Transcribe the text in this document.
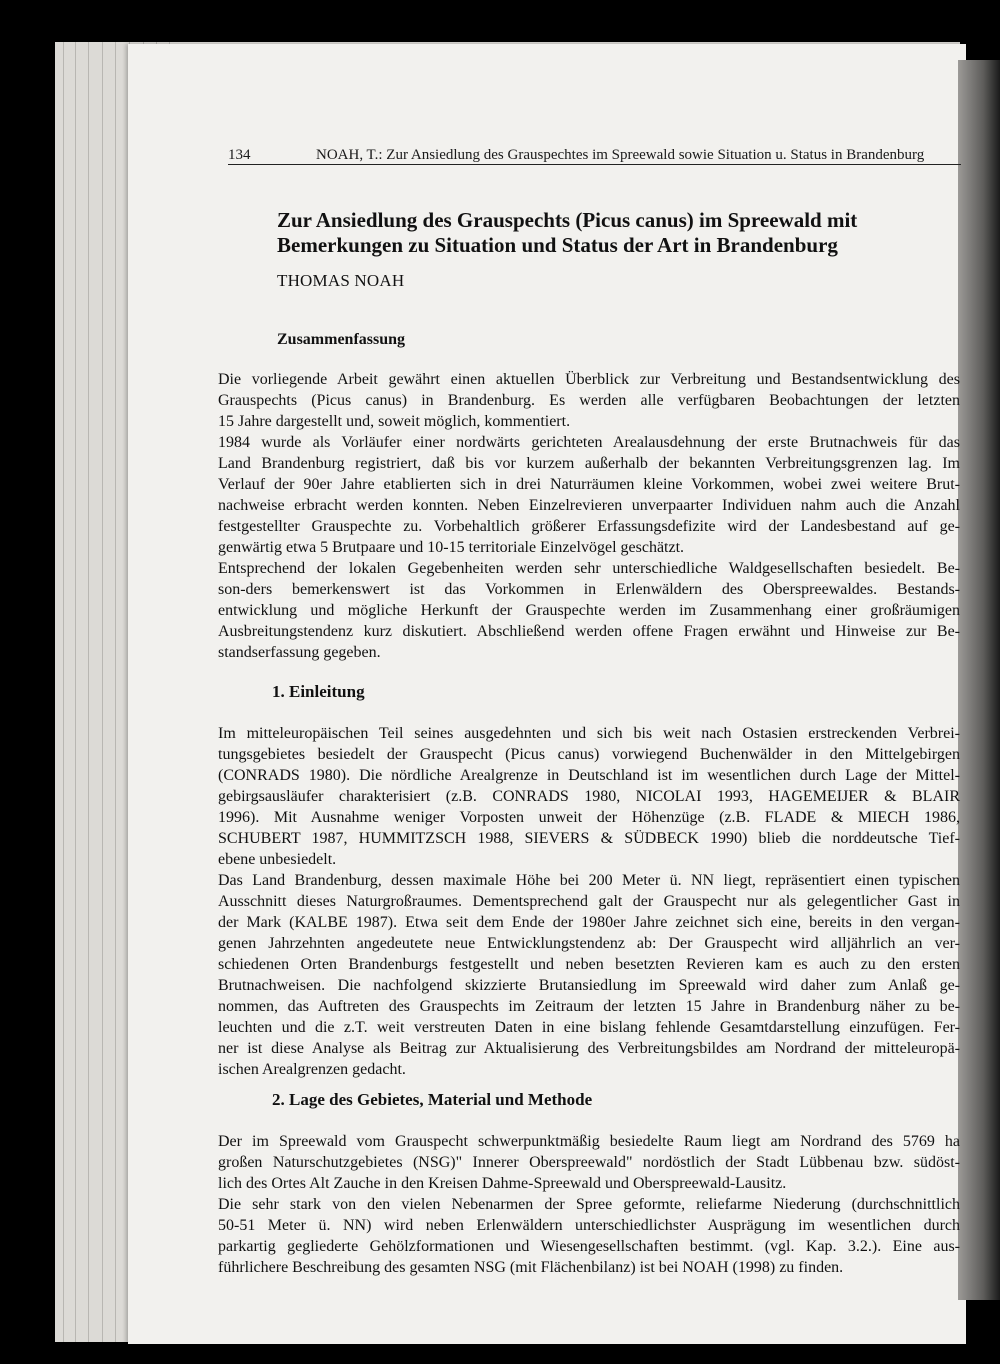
134	NOAH, T.: Zur Ansiedlung des Grauspechtes im Spreewald sowie Situation u. Status in Brandenburg
Zur Ansiedlung des Grauspechts (Picus canus) im Spreewald mit
Bemerkungen zu Situation und Status der Art in Brandenburg
THOMAS NOAH
Zusammenfassung
Die vorliegende Arbeit gewährt einen aktuellen Überblick zur Verbreitung und Bestandsentwicklung des
Grauspechts (Picus canus) in Brandenburg. Es werden alle verfügbaren Beobachtungen der letzten
15 Jahre dargestellt und, soweit möglich, kommentiert.
1984 wurde als Vorläufer einer nordwärts gerichteten Arealausdehnung der erste Brutnachweis für das
Land Brandenburg registriert, daß bis vor kurzem außerhalb der bekannten Verbreitungsgrenzen lag. Im
Verlauf der 90er Jahre etablierten sich in drei Naturräumen kleine Vorkommen, wobei zwei weitere Brut-
nachweise erbracht werden konnten. Neben Einzelrevieren unverpaarter Individuen nahm auch die Anzahl
festgestellter Grauspechte zu. Vorbehaltlich größerer Erfassungsdefizite wird der Landesbestand auf ge-
genwärtig etwa 5 Brutpaare und 10-15 territoriale Einzelvögel geschätzt.
Entsprechend der lokalen Gegebenheiten werden sehr unterschiedliche Waldgesellschaften besiedelt. Be-
son-ders bemerkenswert ist das Vorkommen in Erlenwäldern des Oberspreewaldes. Bestands-
entwicklung und mögliche Herkunft der Grauspechte werden im Zusammenhang einer großräumigen
Ausbreitungstendenz kurz diskutiert. Abschließend werden offene Fragen erwähnt und Hinweise zur Be-
standserfassung gegeben.
1. Einleitung
Im mitteleuropäischen Teil seines ausgedehnten und sich bis weit nach Ostasien erstreckenden Verbrei-
tungsgebietes besiedelt der Grauspecht (Picus canus) vorwiegend Buchenwälder in den Mittelgebirgen
(CONRADS 1980). Die nördliche Arealgrenze in Deutschland ist im wesentlichen durch Lage der Mittel-
gebirgsausläufer charakterisiert (z.B. CONRADS 1980, NICOLAI 1993, HAGEMEIJER & BLAIR
1996). Mit Ausnahme weniger Vorposten unweit der Höhenzüge (z.B. FLADE & MIECH 1986,
SCHUBERT 1987, HUMMITZSCH 1988, SIEVERS & SÜDBECK 1990) blieb die norddeutsche Tief-
ebene unbesiedelt.
Das Land Brandenburg, dessen maximale Höhe bei 200 Meter ü. NN liegt, repräsentiert einen typischen
Ausschnitt dieses Naturgroßraumes. Dementsprechend galt der Grauspecht nur als gelegentlicher Gast in
der Mark (KALBE 1987). Etwa seit dem Ende der 1980er Jahre zeichnet sich eine, bereits in den vergan-
genen Jahrzehnten angedeutete neue Entwicklungstendenz ab: Der Grauspecht wird alljährlich an ver-
schiedenen Orten Brandenburgs festgestellt und neben besetzten Revieren kam es auch zu den ersten
Brutnachweisen. Die nachfolgend skizzierte Brutansiedlung im Spreewald wird daher zum Anlaß ge-
nommen, das Auftreten des Grauspechts im Zeitraum der letzten 15 Jahre in Brandenburg näher zu be-
leuchten und die z.T. weit verstreuten Daten in eine bislang fehlende Gesamtdarstellung einzufügen. Fer-
ner ist diese Analyse als Beitrag zur Aktualisierung des Verbreitungsbildes am Nordrand der mitteleuropä-
ischen Arealgrenzen gedacht.
2. Lage des Gebietes, Material und Methode
Der im Spreewald vom Grauspecht schwerpunktmäßig besiedelte Raum liegt am Nordrand des 5769 ha
großen Naturschutzgebietes (NSG)" Innerer Oberspreewald" nordöstlich der Stadt Lübbenau bzw. südöst-
lich des Ortes Alt Zauche in den Kreisen Dahme-Spreewald und Oberspreewald-Lausitz.
Die sehr stark von den vielen Nebenarmen der Spree geformte, reliefarme Niederung (durchschnittlich
50-51 Meter ü. NN) wird neben Erlenwäldern unterschiedlichster Ausprägung im wesentlichen durch
parkartig gegliederte Gehölzformationen und Wiesengesellschaften bestimmt. (vgl. Kap. 3.2.). Eine aus-
führlichere Beschreibung des gesamten NSG (mit Flächenbilanz) ist bei NOAH (1998) zu finden.
